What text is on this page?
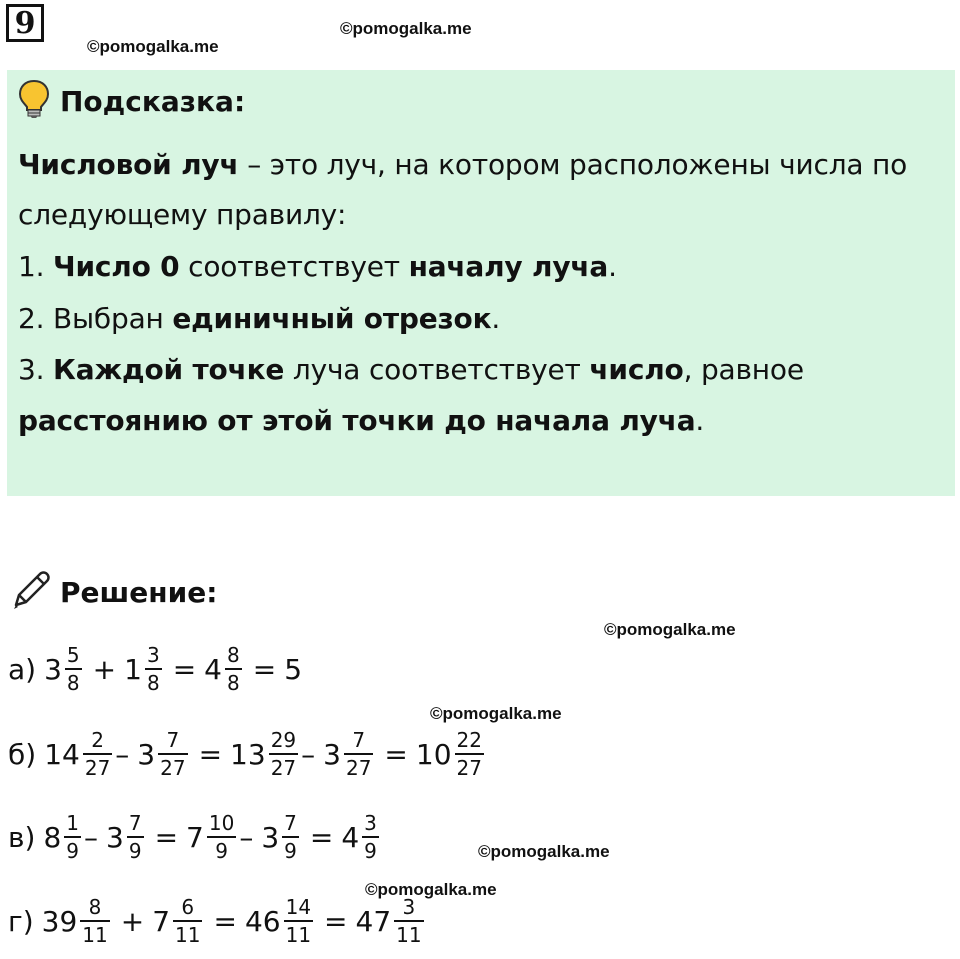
9	©pomogalka.me
©pomogalka.me
Подсказка:
Числовой луч – это луч, на котором расположены числа по
следующему правилу:
1. Число 0 соответствует началу луча.
2. Выбран единичный отрезок.
3. Каждой точке луча соответствует число, равное
расстоянию от этой точки до начала луча.
Решение:
©pomogalka.me
а) $3 \frac{5}{8} + 1 \frac{3}{8} = 4 \frac{8}{8} = 5$
©pomogalka.me
б) $14 \frac{2}{27} - 3 \frac{7}{27} = 13 \frac{29}{27} - 3 \frac{7}{27} = 10 \frac{22}{27}$
в) $8 \frac{1}{9} - 3 \frac{7}{9} = 7 \frac{10}{9} - 3 \frac{7}{9} = 4 \frac{3}{9}$	©pomogalka.me
©pomogalka.me
г) $39 \frac{8}{11} + 7 \frac{6}{11} = 46 \frac{14}{11} = 47 \frac{3}{11}$
